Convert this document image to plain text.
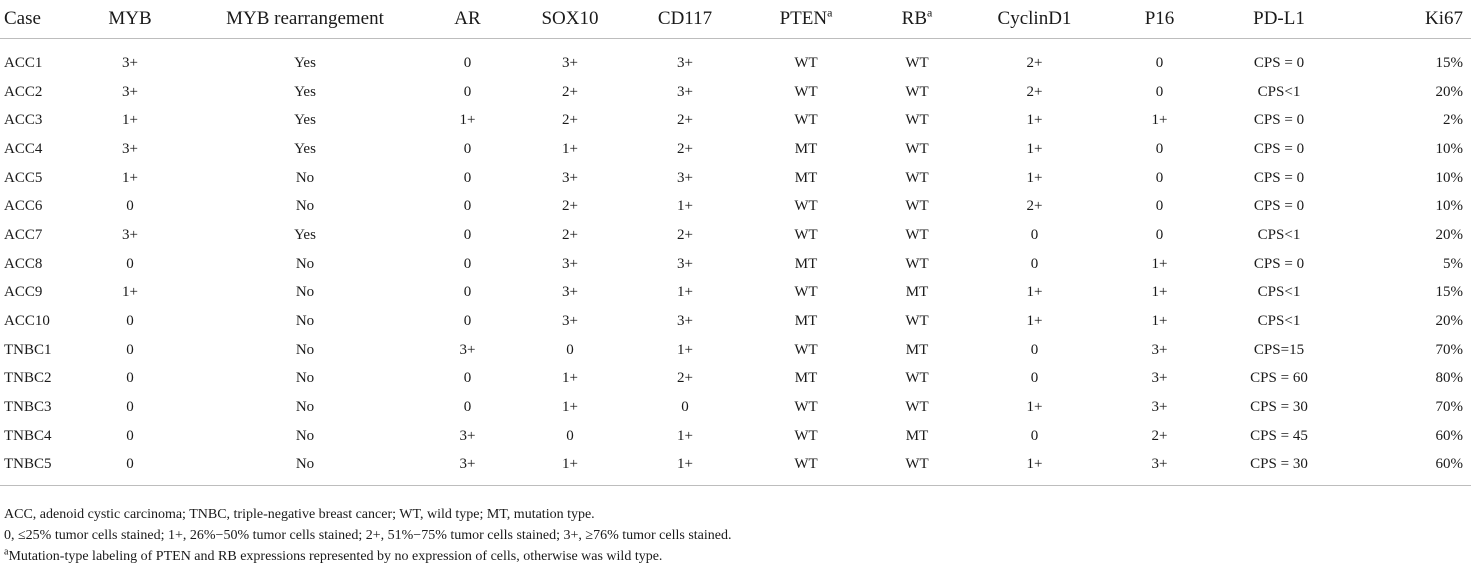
Case	MYB	MYB rearrangement	AR	SOX10	CD117	PTEN$^a$	$RB^a$	CyclinD1	P16	PD-L1	Ki67
ACC1	3+	Yes	0	3+	3+	WT	WT	2+	0	CPS = 0	15%
ACC2	3+	Yes	0	2+	3+	WT	WT	2+	0	CPS<1	20%
ACC3	1+	Yes	1+	2+	2+	WT	WT	1+	1+	CPS = 0	2%
ACC4	3+	Yes	0	1+	2+	MT	WT	1+	0	CPS = 0	10%
ACC5	1+	No	0	3+	3+	MT	WT	1+	0	CPS = 0	10%
ACC6	0	No	0	2+	1+	WT	WT	2+	0	CPS = 0	10%
ACC7	3+	Yes	0	2+	2+	WT	WT	0	0	CPS<1	20%
ACC8	0	No	0	3+	3+	MT	WT	0	1+	CPS = 0	5%
ACC9	1+	No	0	3+	1+	WT	MT	1+	1+	CPS<1	15%
ACC10	0	No	0	3+	3+	MT	WT	1+	1+	CPS<1	20%
TNBC1	0	No	3+	0	1+	WT	MT	0	3+	CPS=15	70%
TNBC2	0	No	0	1+	2+	MT	WT	0	3+	CPS = 60	80%
TNBC3	0	No	0	1+	0	WT	WT	1+	3+	CPS = 30	70%
TNBC4	0	No	3+	0	1+	WT	MT	0	2+	CPS = 45	60%
TNBC5	0	No	3+	1+	1+	WT	WT	1+	3+	CPS = 30	60%

ACC, adenoid cystic carcinoma; TNBC, triple-negative breast cancer; WT, wild type; MT, mutation type.

0, ≤25% tumor cells stained; 1+, 26%−50% tumor cells stained; 2+, 51%−75% tumor cells stained; 3+, ≥76% tumor cells stained.

$^a$Mutation-type labeling of PTEN and RB expressions represented by no expression of cells, otherwise was wild type.
